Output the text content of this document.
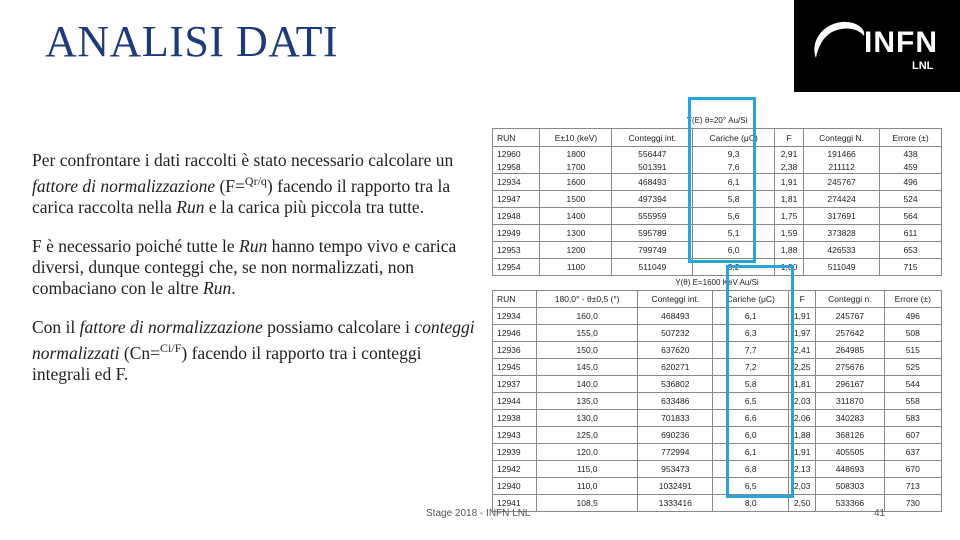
ANALISI DATI	INFN
LNL

Per confrontare i dati raccolti è stato necessario calcolare un fattore di normalizzazione (F=$^{Qr/q}$) facendo il rapporto tra la carica raccolta nella Run e la carica più piccola tra tutte.

F è necessario poiché tutte le Run hanno tempo vivo e carica diversi, dunque conteggi che, se non normalizzati, non combaciano con le altre Run.

Con il fattore di normalizzazione possiamo calcolare i conteggi normalizzati (Cn=$^{Ci/F}$) facendo il rapporto tra i conteggi integrali ed F.

Y(E) θ=20° Au/Si
RUN	E±10 (keV)	Conteggi int.	Cariche (μC)	F	Conteggi N.	Errore (±)
12960	1800	556447	9,3	2,91	191466	438
12958	1700	501391	7,6	2,38	211112	459
12934	1600	468493	6,1	1,91	245767	496
12947	1500	497394	5,8	1,81	274424	524
12948	1400	555959	5,6	1,75	317691	564
12949	1300	595789	5,1	1,59	373828	611
12953	1200	799749	6,0	1,88	426533	653
12954	1100	511049	3,2	1,00	511049	715
Y(θ) E=1600 KeV Au/Si
RUN	180,0° - θ±0,5 (°)	Conteggi int.	Cariche (μC)	F	Conteggi n.	Errore (±)
12934	160,0	468493	6,1	1,91	245767	496
12946	155,0	507232	6,3	1,97	257642	508
12936	150,0	637620	7,7	2,41	264985	515
12945	145,0	620271	7,2	2,25	275676	525
12937	140,0	536802	5,8	1,81	296167	544
12944	135,0	633486	6,5	2,03	311870	558
12938	130,0	701833	6,6	2,06	340283	583
12943	125,0	690236	6,0	1,88	368126	607
12939	120,0	772994	6,1	1,91	405505	637
12942	115,0	953473	6,8	2,13	448693	670
12940	110,0	1032491	6,5	2,03	508303	713
12941	108,5	1333416	8,0	2,50	533366	730
Stage 2018 - INFN LNL	41
